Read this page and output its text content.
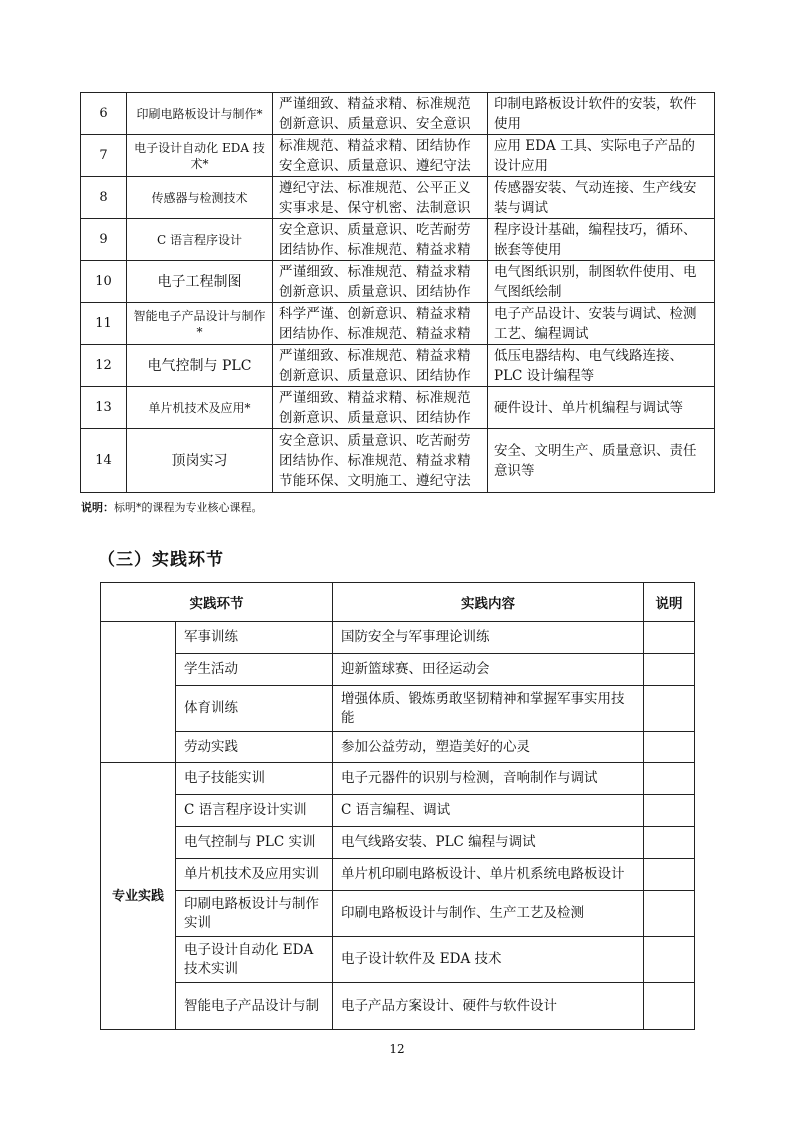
6	印刷电路板设计与制作*	严谨细致、精益求精、标准规范创新意识、质量意识、安全意识	印制电路板设计软件的安装，软件使用
7	电子设计自动化 EDA 技术*	标准规范、精益求精、团结协作安全意识、质量意识、遵纪守法	应用 EDA 工具、实际电子产品的设计应用
8	传感器与检测技术	遵纪守法、标准规范、公平正义实事求是、保守机密、法制意识	传感器安装、气动连接、生产线安装与调试
9	C 语言程序设计	安全意识、质量意识、吃苦耐劳团结协作、标准规范、精益求精	程序设计基础，编程技巧，循环、嵌套等使用
10	电子工程制图	严谨细致、标准规范、精益求精创新意识、质量意识、团结协作	电气图纸识别，制图软件使用、电气图纸绘制
11	智能电子产品设计与制作*	科学严谨、创新意识、精益求精团结协作、标准规范、精益求精	电子产品设计、安装与调试、检测工艺、编程调试
12	电气控制与 PLC	严谨细致、标准规范、精益求精创新意识、质量意识、团结协作	低压电器结构、电气线路连接、PLC 设计编程等
13	单片机技术及应用*	严谨细致、精益求精、标准规范创新意识、质量意识、团结协作	硬件设计、单片机编程与调试等
14	顶岗实习	安全意识、质量意识、吃苦耐劳团结协作、标准规范、精益求精节能环保、文明施工、遵纪守法	安全、文明生产、质量意识、责任意识等

说明：标明*的课程为专业核心课程。

（三）实践环节
实践环节		实践内容	说明
	军事训练	国防安全与军事理论训练	
	学生活动	迎新篮球赛、田径运动会	
	体育训练	增强体质、锻炼勇敢坚韧精神和掌握军事实用技能	
	劳动实践	参加公益劳动，塑造美好的心灵	
专业实践	电子技能实训	电子元器件的识别与检测，音响制作与调试	
	C 语言程序设计实训	C 语言编程、调试	
	电气控制与 PLC 实训	电气线路安装、PLC 编程与调试	
	单片机技术及应用实训	单片机印刷电路板设计、单片机系统电路板设计	
	印刷电路板设计与制作实训	印刷电路板设计与制作、生产工艺及检测	
	电子设计自动化 EDA 技术实训	电子设计软件及 EDA 技术	
	智能电子产品设计与制	电子产品方案设计、硬件与软件设计	

12
